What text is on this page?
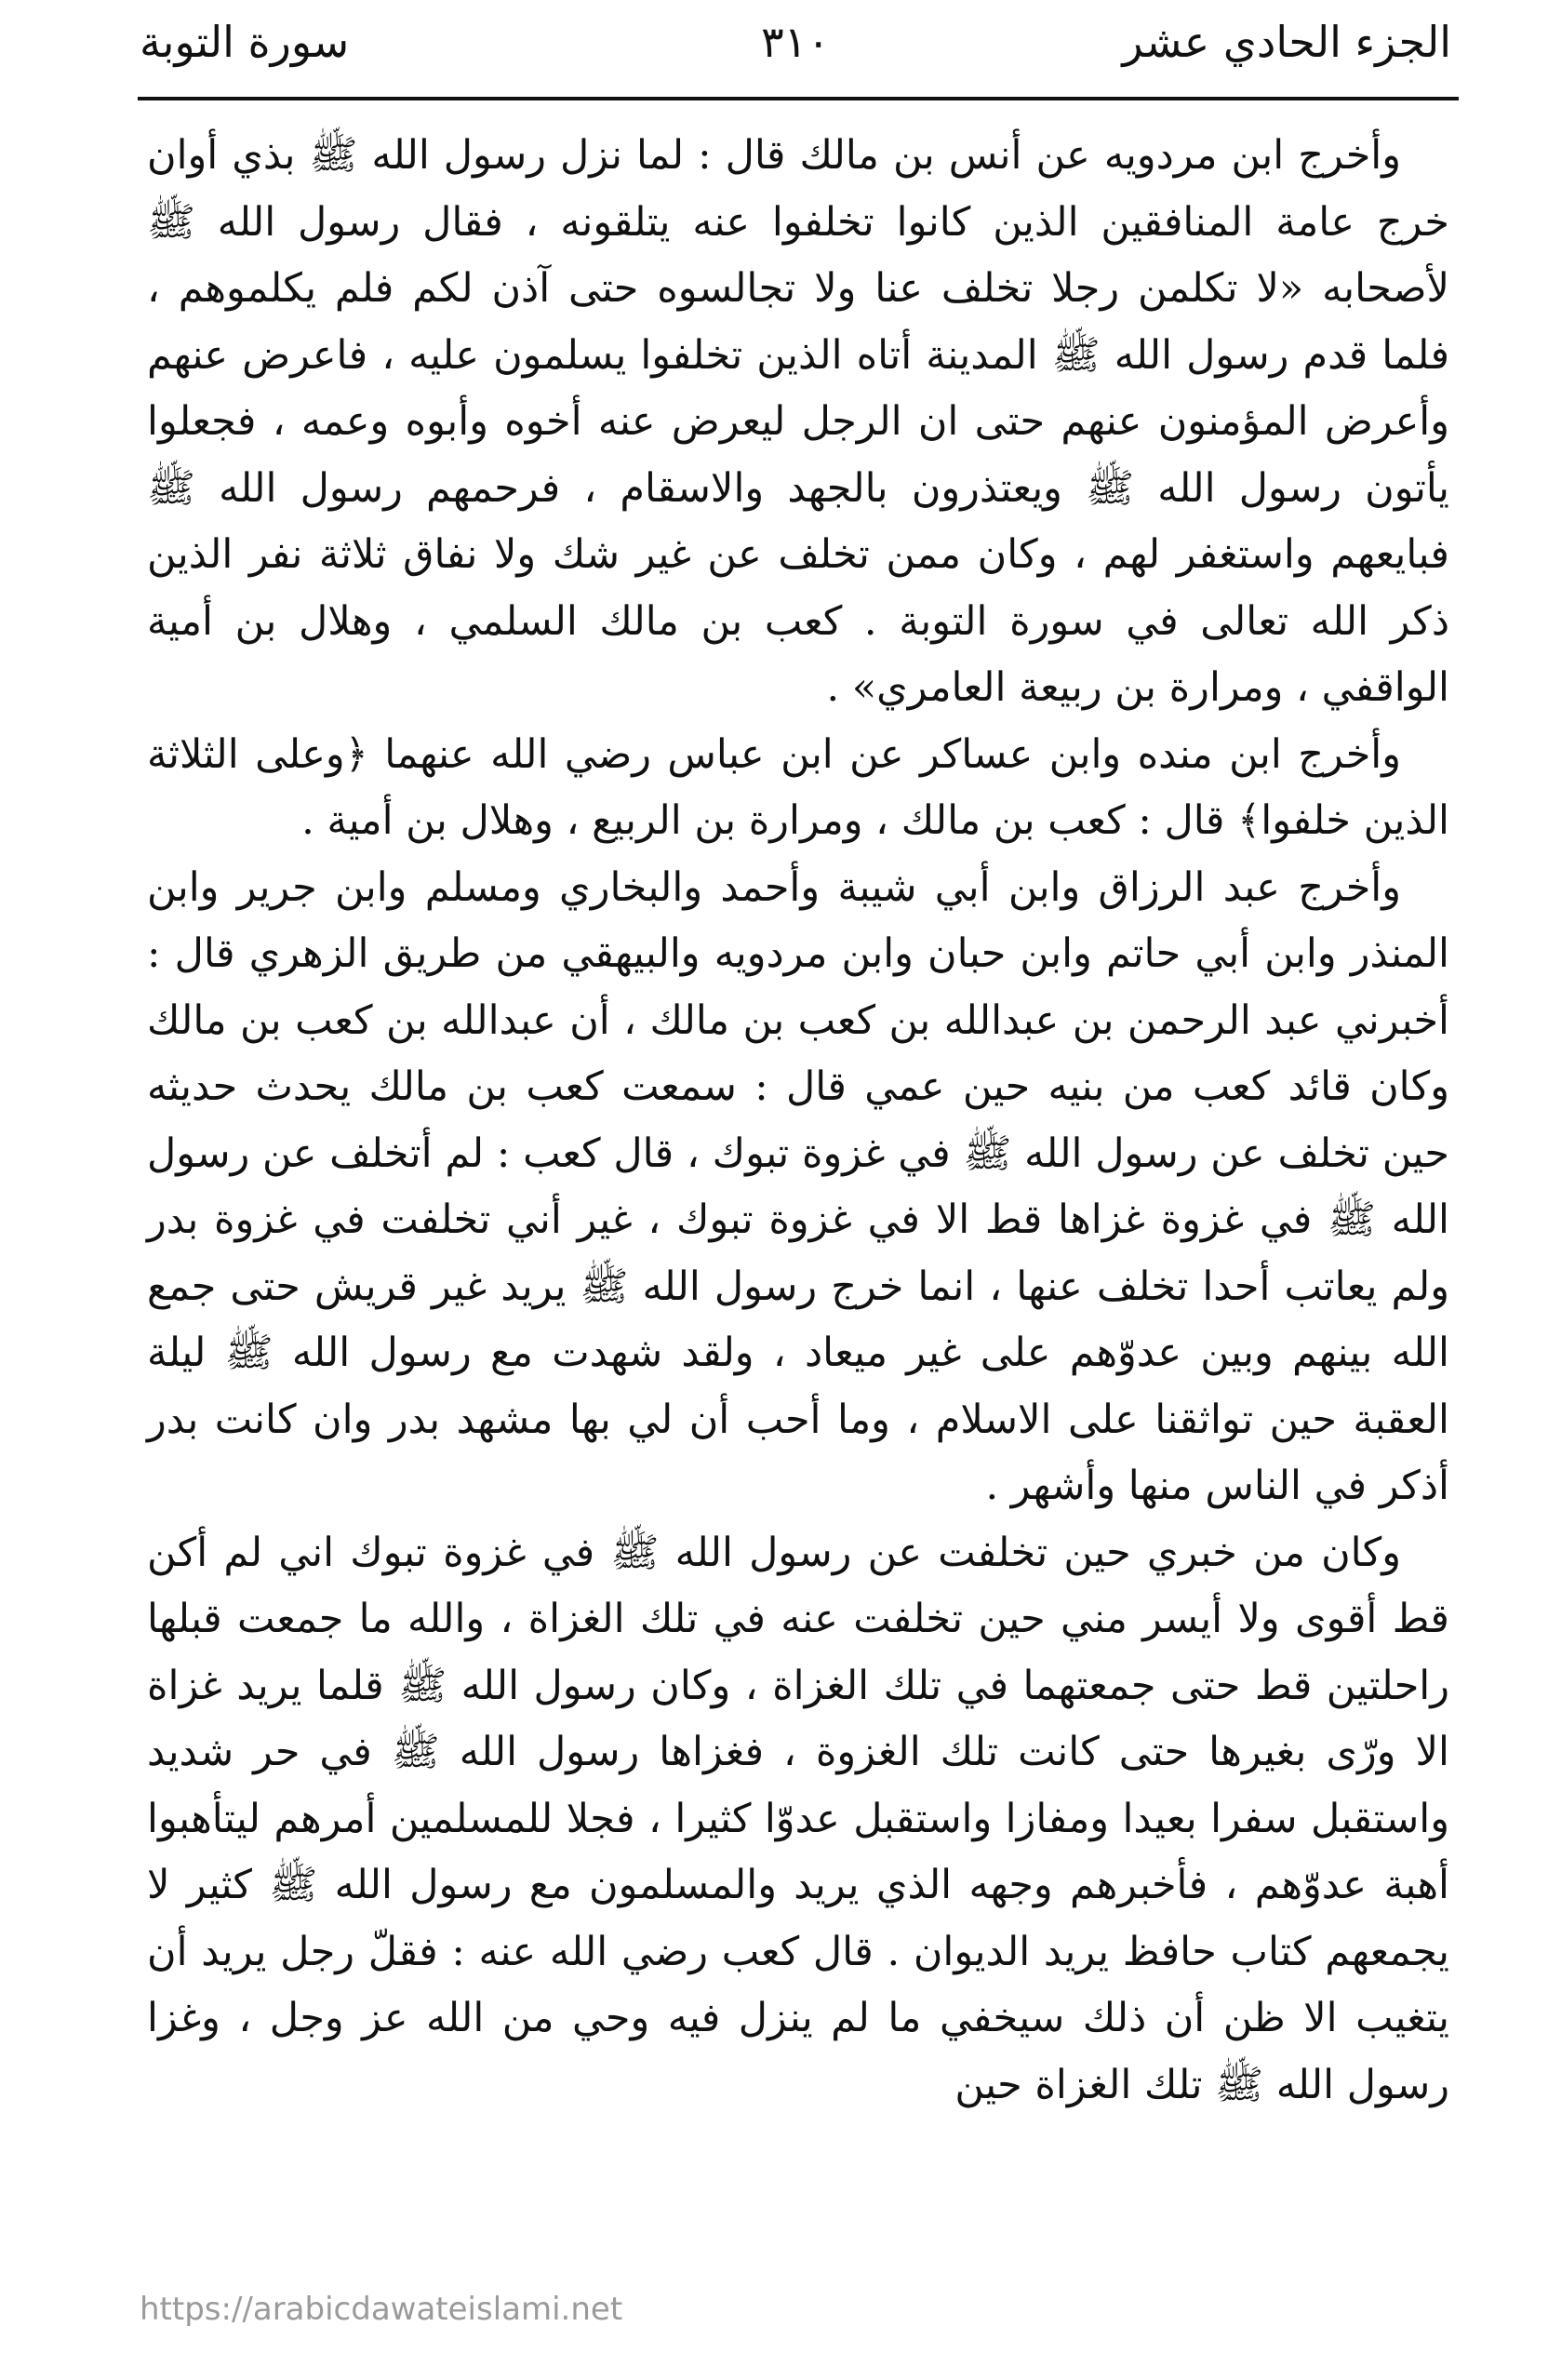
الجزء الحادي عشر
٣١٠
سورة التوبة

وأخرج ابن مردويه عن أنس بن مالك قال : لما نزل رسول الله ﷺ بذي أوان خرج عامة المنافقين الذين كانوا تخلفوا عنه يتلقونه ، فقال رسول الله ﷺ لأصحابه «لا تكلمن رجلا تخلف عنا ولا تجالسوه حتى آذن لكم فلم يكلموهم ، فلما قدم رسول الله ﷺ المدينة أتاه الذين تخلفوا يسلمون عليه ، فاعرض عنهم وأعرض المؤمنون عنهم حتى ان الرجل ليعرض عنه أخوه وأبوه وعمه ، فجعلوا يأتون رسول الله ﷺ ويعتذرون بالجهد والاسقام ، فرحمهم رسول الله ﷺ فبايعهم واستغفر لهم ، وكان ممن تخلف عن غير شك ولا نفاق ثلاثة نفر الذين ذكر الله تعالى في سورة التوبة . كعب بن مالك السلمي ، وهلال بن أمية الواقفي ، ومرارة بن ربيعة العامري» .

وأخرج ابن منده وابن عساكر عن ابن عباس رضي الله عنهما ﴿وعلى الثلاثة الذين خلفوا﴾ قال : كعب بن مالك ، ومرارة بن الربيع ، وهلال بن أمية .

وأخرج عبد الرزاق وابن أبي شيبة وأحمد والبخاري ومسلم وابن جرير وابن المنذر وابن أبي حاتم وابن حبان وابن مردويه والبيهقي من طريق الزهري قال : أخبرني عبد الرحمن بن عبدالله بن كعب بن مالك ، أن عبدالله بن كعب بن مالك وكان قائد كعب من بنيه حين عمي قال : سمعت كعب بن مالك يحدث حديثه حين تخلف عن رسول الله ﷺ في غزوة تبوك ، قال كعب : لم أتخلف عن رسول الله ﷺ في غزوة غزاها قط الا في غزوة تبوك ، غير أني تخلفت في غزوة بدر ولم يعاتب أحدا تخلف عنها ، انما خرج رسول الله ﷺ يريد غير قريش حتى جمع الله بينهم وبين عدوّهم على غير ميعاد ، ولقد شهدت مع رسول الله ﷺ ليلة العقبة حين تواثقنا على الاسلام ، وما أحب أن لي بها مشهد بدر وان كانت بدر أذكر في الناس منها وأشهر .

وكان من خبري حين تخلفت عن رسول الله ﷺ في غزوة تبوك اني لم أكن قط أقوى ولا أيسر مني حين تخلفت عنه في تلك الغزاة ، والله ما جمعت قبلها راحلتين قط حتى جمعتهما في تلك الغزاة ، وكان رسول الله ﷺ قلما يريد غزاة الا ورّى بغيرها حتى كانت تلك الغزوة ، فغزاها رسول الله ﷺ في حر شديد واستقبل سفرا بعيدا ومفازا واستقبل عدوّا كثيرا ، فجلا للمسلمين أمرهم ليتأهبوا أهبة عدوّهم ، فأخبرهم وجهه الذي يريد والمسلمون مع رسول الله ﷺ كثير لا يجمعهم كتاب حافظ يريد الديوان . قال كعب رضي الله عنه : فقلّ رجل يريد أن يتغيب الا ظن أن ذلك سيخفي ما لم ينزل فيه وحي من الله عز وجل ، وغزا رسول الله ﷺ تلك الغزاة حين

https://arabicdawateislami.net
